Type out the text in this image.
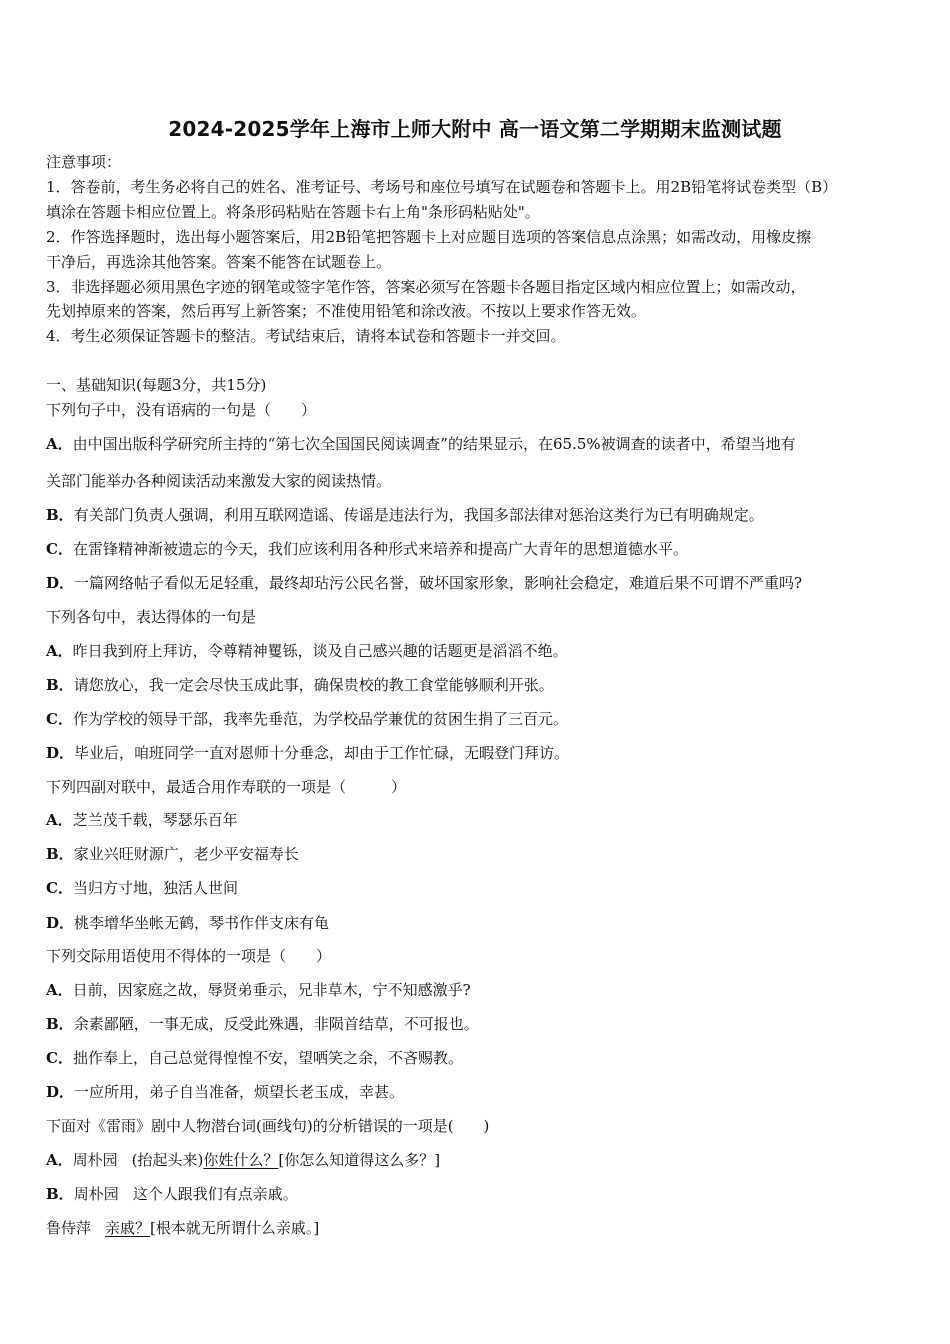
2024-2025学年上海市上师大附中 高一语文第二学期期末监测试题
注意事项：
1．答卷前，考生务必将自己的姓名、准考证号、考场号和座位号填写在试题卷和答题卡上。用2B铅笔将试卷类型（B）
填涂在答题卡相应位置上。将条形码粘贴在答题卡右上角"条形码粘贴处"。
2．作答选择题时，选出每小题答案后，用2B铅笔把答题卡上对应题目选项的答案信息点涂黑；如需改动，用橡皮擦
干净后，再选涂其他答案。答案不能答在试题卷上。
3．非选择题必须用黑色字迹的钢笔或签字笔作答，答案必须写在答题卡各题目指定区域内相应位置上；如需改动，
先划掉原来的答案，然后再写上新答案；不准使用铅笔和涂改液。不按以上要求作答无效。
4．考生必须保证答题卡的整洁。考试结束后，请将本试卷和答题卡一并交回。
一、基础知识(每题3分，共15分)
下列句子中，没有语病的一句是（　　）
A．由中国出版科学研究所主持的“第七次全国国民阅读调查”的结果显示，在65.5%被调查的读者中，希望当地有
关部门能举办各种阅读活动来激发大家的阅读热情。
B．有关部门负责人强调，利用互联网造谣、传谣是违法行为，我国多部法律对惩治这类行为已有明确规定。
C．在雷锋精神渐被遗忘的今天，我们应该利用各种形式来培养和提高广大青年的思想道德水平。
D．一篇网络帖子看似无足轻重，最终却玷污公民名誉，破坏国家形象，影响社会稳定，难道后果不可谓不严重吗?
下列各句中，表达得体的一句是
A．昨日我到府上拜访，令尊精神矍铄，谈及自己感兴趣的话题更是滔滔不绝。
B．请您放心，我一定会尽快玉成此事，确保贵校的教工食堂能够顺利开张。
C．作为学校的领导干部，我率先垂范，为学校品学兼优的贫困生捐了三百元。
D．毕业后，咱班同学一直对恩师十分垂念，却由于工作忙碌，无暇登门拜访。
下列四副对联中，最适合用作寿联的一项是（　　　）
A．芝兰茂千载，琴瑟乐百年
B．家业兴旺财源广，老少平安福寿长
C．当归方寸地，独活人世间
D．桃李增华坐帐无鹤，琴书作伴支床有龟
下列交际用语使用不得体的一项是（　　）
A．日前，因家庭之故，辱贤弟垂示，兄非草木，宁不知感激乎?
B．余素鄙陋，一事无成，反受此殊遇，非陨首结草，不可报也。
C．拙作奉上，自己总觉得惶惶不安，望哂笑之余，不吝赐教。
D．一应所用，弟子自当准备，烦望长老玉成，幸甚。
下面对《雷雨》剧中人物潜台词(画线句)的分析错误的一项是(　　)
A．周朴园 (抬起头来)你姓什么？[你怎么知道得这么多？]
B．周朴园 这个人跟我们有点亲戚。
鲁侍萍 亲戚？[根本就无所谓什么亲戚。]
